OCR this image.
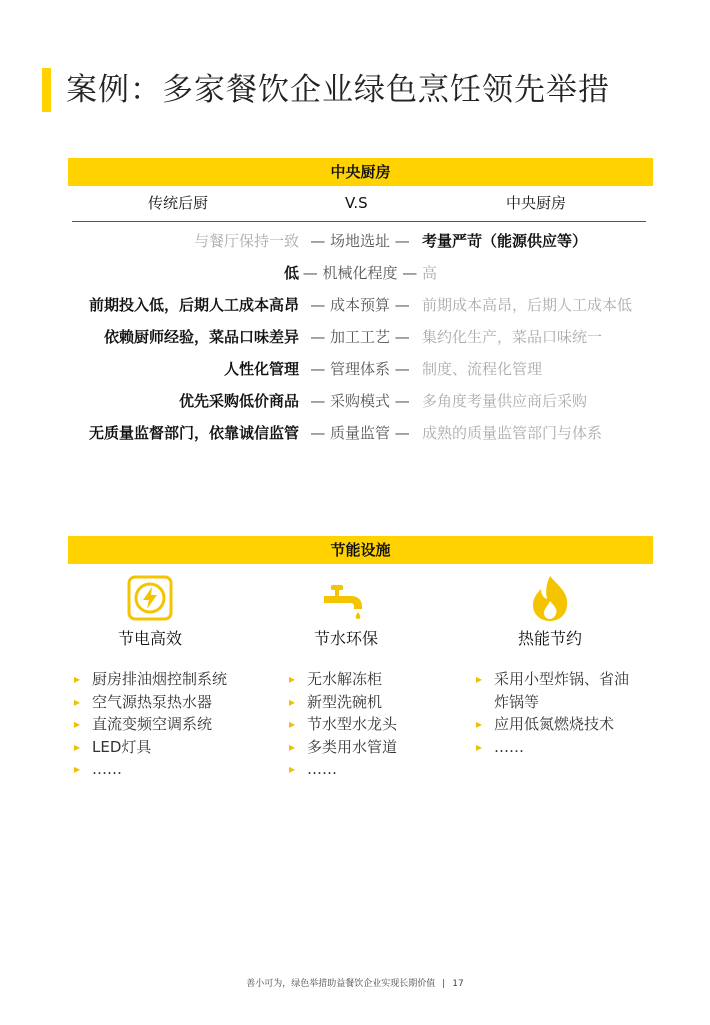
案例：多家餐饮企业绿色烹饪领先举措
中央厨房
传统后厨	V.S	中央厨房
与餐厅保持一致 — 场地选址 — 考量严苛（能源供应等）
低 — 机械化程度 — 高
前期投入低，后期人工成本高昂 — 成本预算 — 前期成本高昂，后期人工成本低
依赖厨师经验，菜品口味差异 — 加工工艺 — 集约化生产，菜品口味统一
人性化管理 — 管理体系 — 制度、流程化管理
优先采购低价商品 — 采购模式 — 多角度考量供应商后采购
无质量监督部门，依靠诚信监管 — 质量监管 — 成熟的质量监管部门与体系
节能设施
节电高效	节水环保	热能节约
▸ 厨房排油烟控制系统
▸ 空气源热泵热水器
▸ 直流变频空调系统
▸ LED灯具
▸ ……
▸ 无水解冻柜
▸ 新型洗碗机
▸ 节水型水龙头
▸ 多类用水管道
▸ ……
▸ 采用小型炸锅、省油炸锅等
▸ 应用低氮燃烧技术
▸ ……
善小可为，绿色举措助益餐饮企业实现长期价值 17
